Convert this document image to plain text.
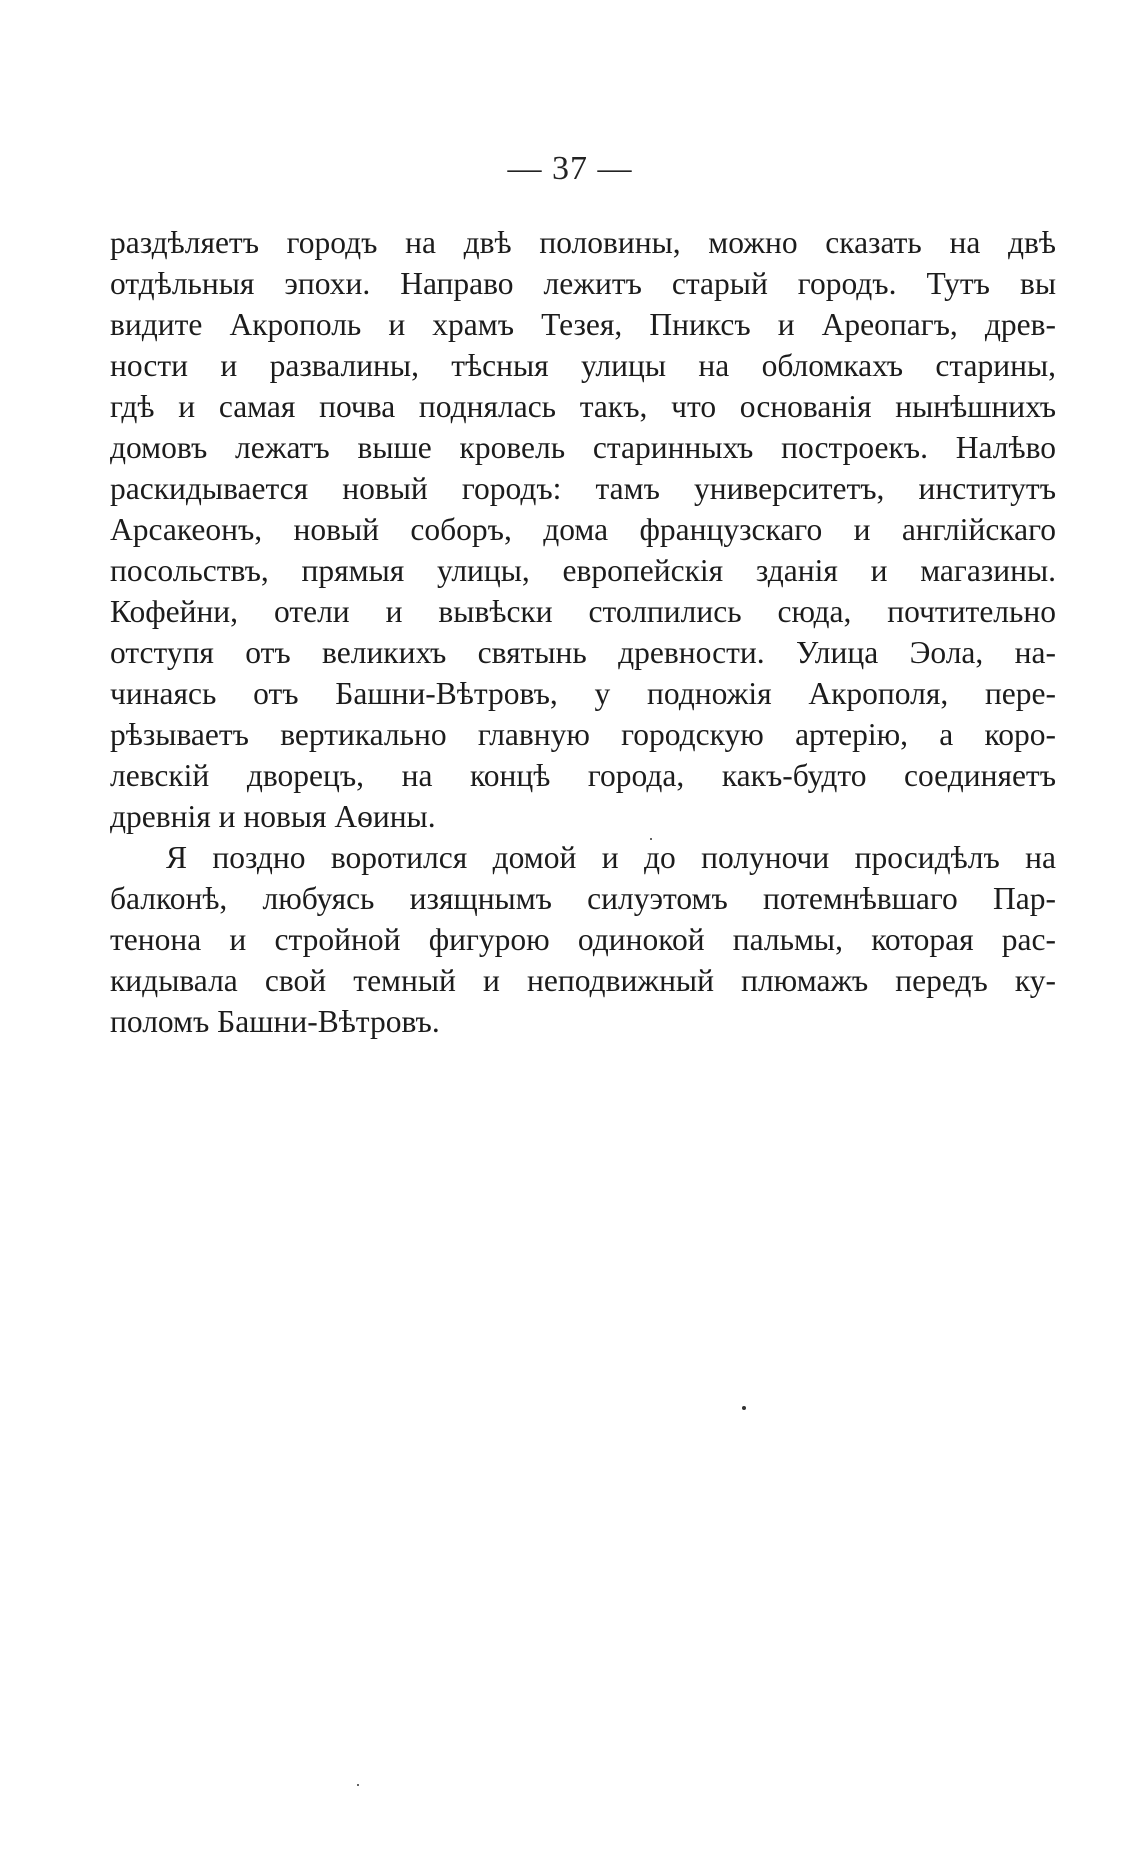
— 37 —
раздѣляетъ городъ на двѣ половины, можно сказать на двѣ
отдѣльныя эпохи. Направо лежитъ старый городъ. Тутъ вы
видите Акрополь и храмъ Тезея, Пниксъ и Ареопагъ, древ-
ности и развалины, тѣсныя улицы на обломкахъ старины,
гдѣ и самая почва поднялась такъ, что основанія нынѣшнихъ
домовъ лежатъ выше кровель старинныхъ построекъ. Налѣво
раскидывается новый городъ: тамъ университетъ, институтъ
Арсакеонъ, новый соборъ, дома французскаго и англійскаго
посольствъ, прямыя улицы, европейскія зданія и магазины.
Кофейни, отели и вывѣски столпились сюда, почтительно
отступя отъ великихъ святынь древности. Улица Эола, на-
чинаясь отъ Башни-Вѣтровъ, у подножія Акрополя, пере-
рѣзываетъ вертикально главную городскую артерію, а коро-
левскій дворецъ, на концѣ города, какъ-будто соединяетъ
древнія и новыя Аѳины.
Я поздно воротился домой и до полуночи просидѣлъ на
балконѣ, любуясь изящнымъ силуэтомъ потемнѣвшаго Пар-
тенона и стройной фигурою одинокой пальмы, которая рас-
кидывала свой темный и неподвижный плюмажъ передъ ку-
поломъ Башни-Вѣтровъ.
